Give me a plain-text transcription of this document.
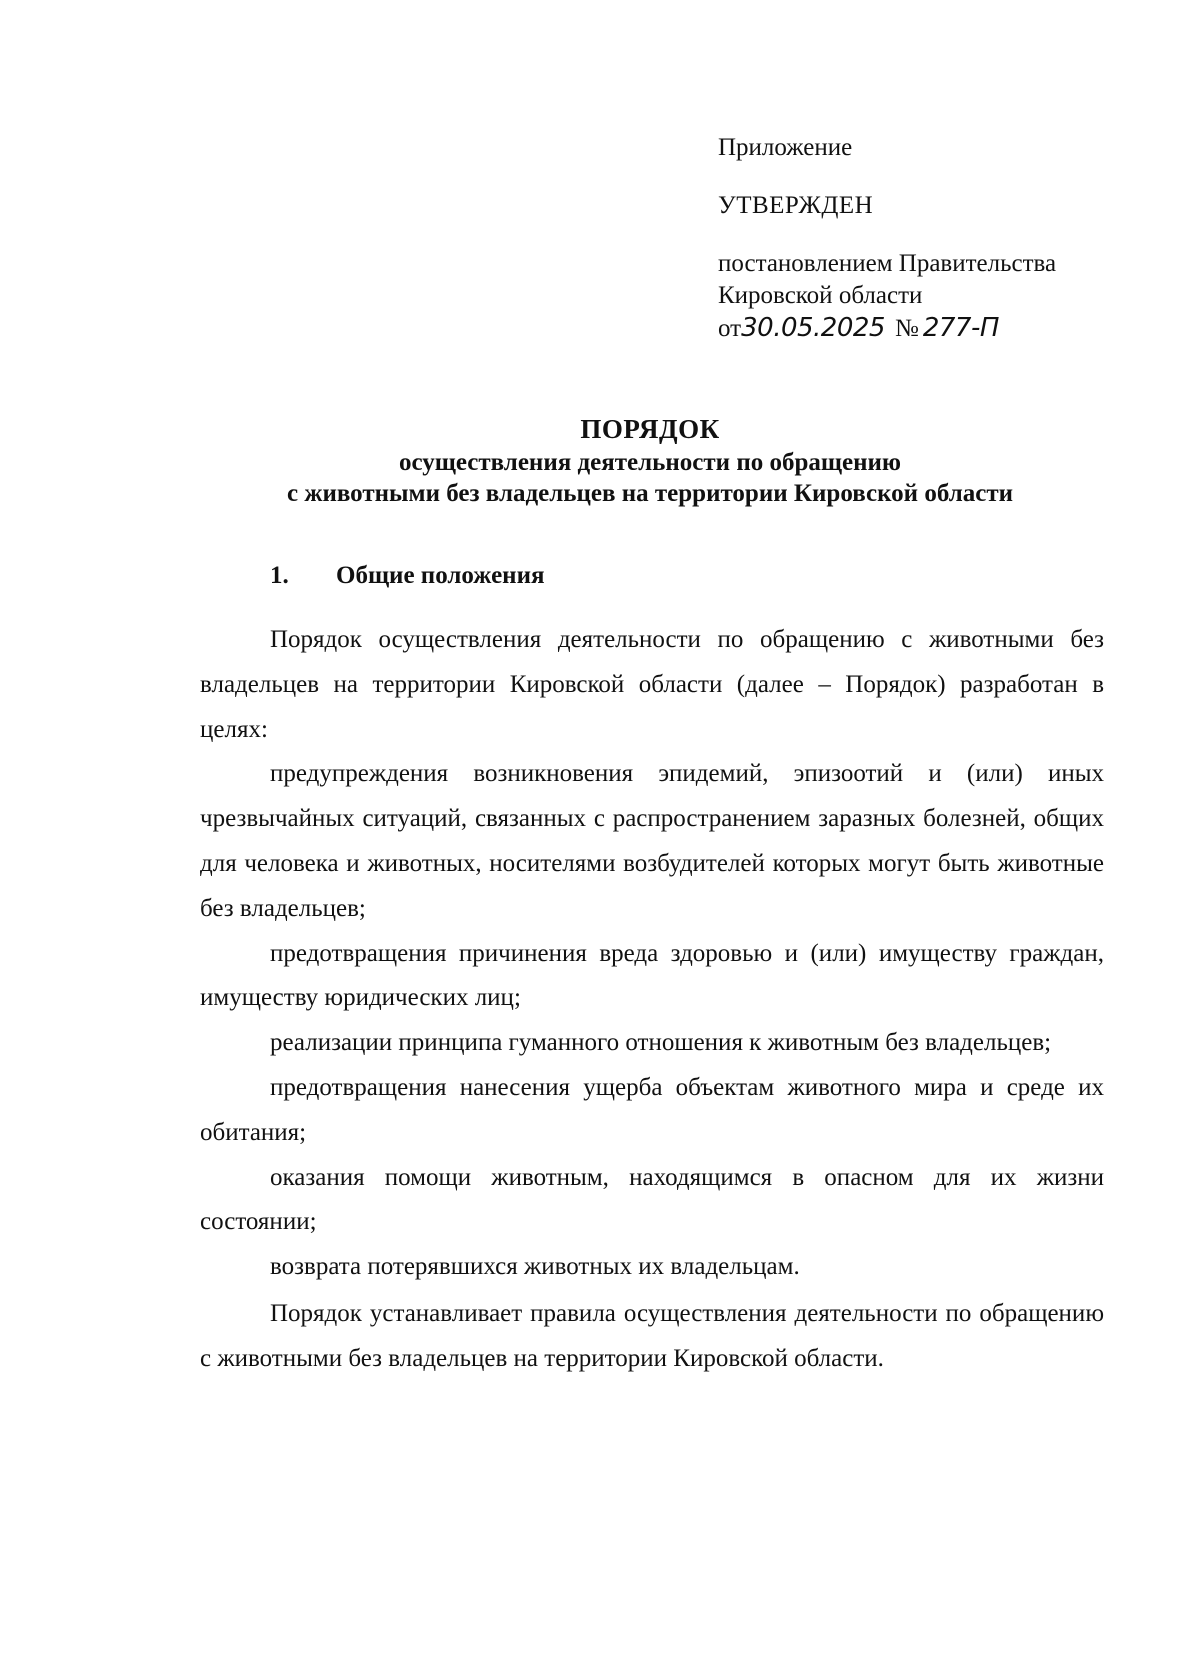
Приложение
УТВЕРЖДЕН
постановлением Правительства
Кировской области
от30.05.2025 № 277-П
ПОРЯДОК
осуществления деятельности по обращению
с животными без владельцев на территории Кировской области
1. Общие положения

Порядок осуществления деятельности по обращению с животными без владельцев на территории Кировской области (далее – Порядок) разработан в целях:

предупреждения возникновения эпидемий, эпизоотий и (или) иных чрезвычайных ситуаций, связанных с распространением заразных болезней, общих для человека и животных, носителями возбудителей которых могут быть животные без владельцев;

предотвращения причинения вреда здоровью и (или) имуществу граждан, имуществу юридических лиц;

реализации принципа гуманного отношения к животным без владельцев;

предотвращения нанесения ущерба объектам животного мира и среде их обитания;

оказания помощи животным, находящимся в опасном для их жизни состоянии;

возврата потерявшихся животных их владельцам.

Порядок устанавливает правила осуществления деятельности по обращению с животными без владельцев на территории Кировской области.
